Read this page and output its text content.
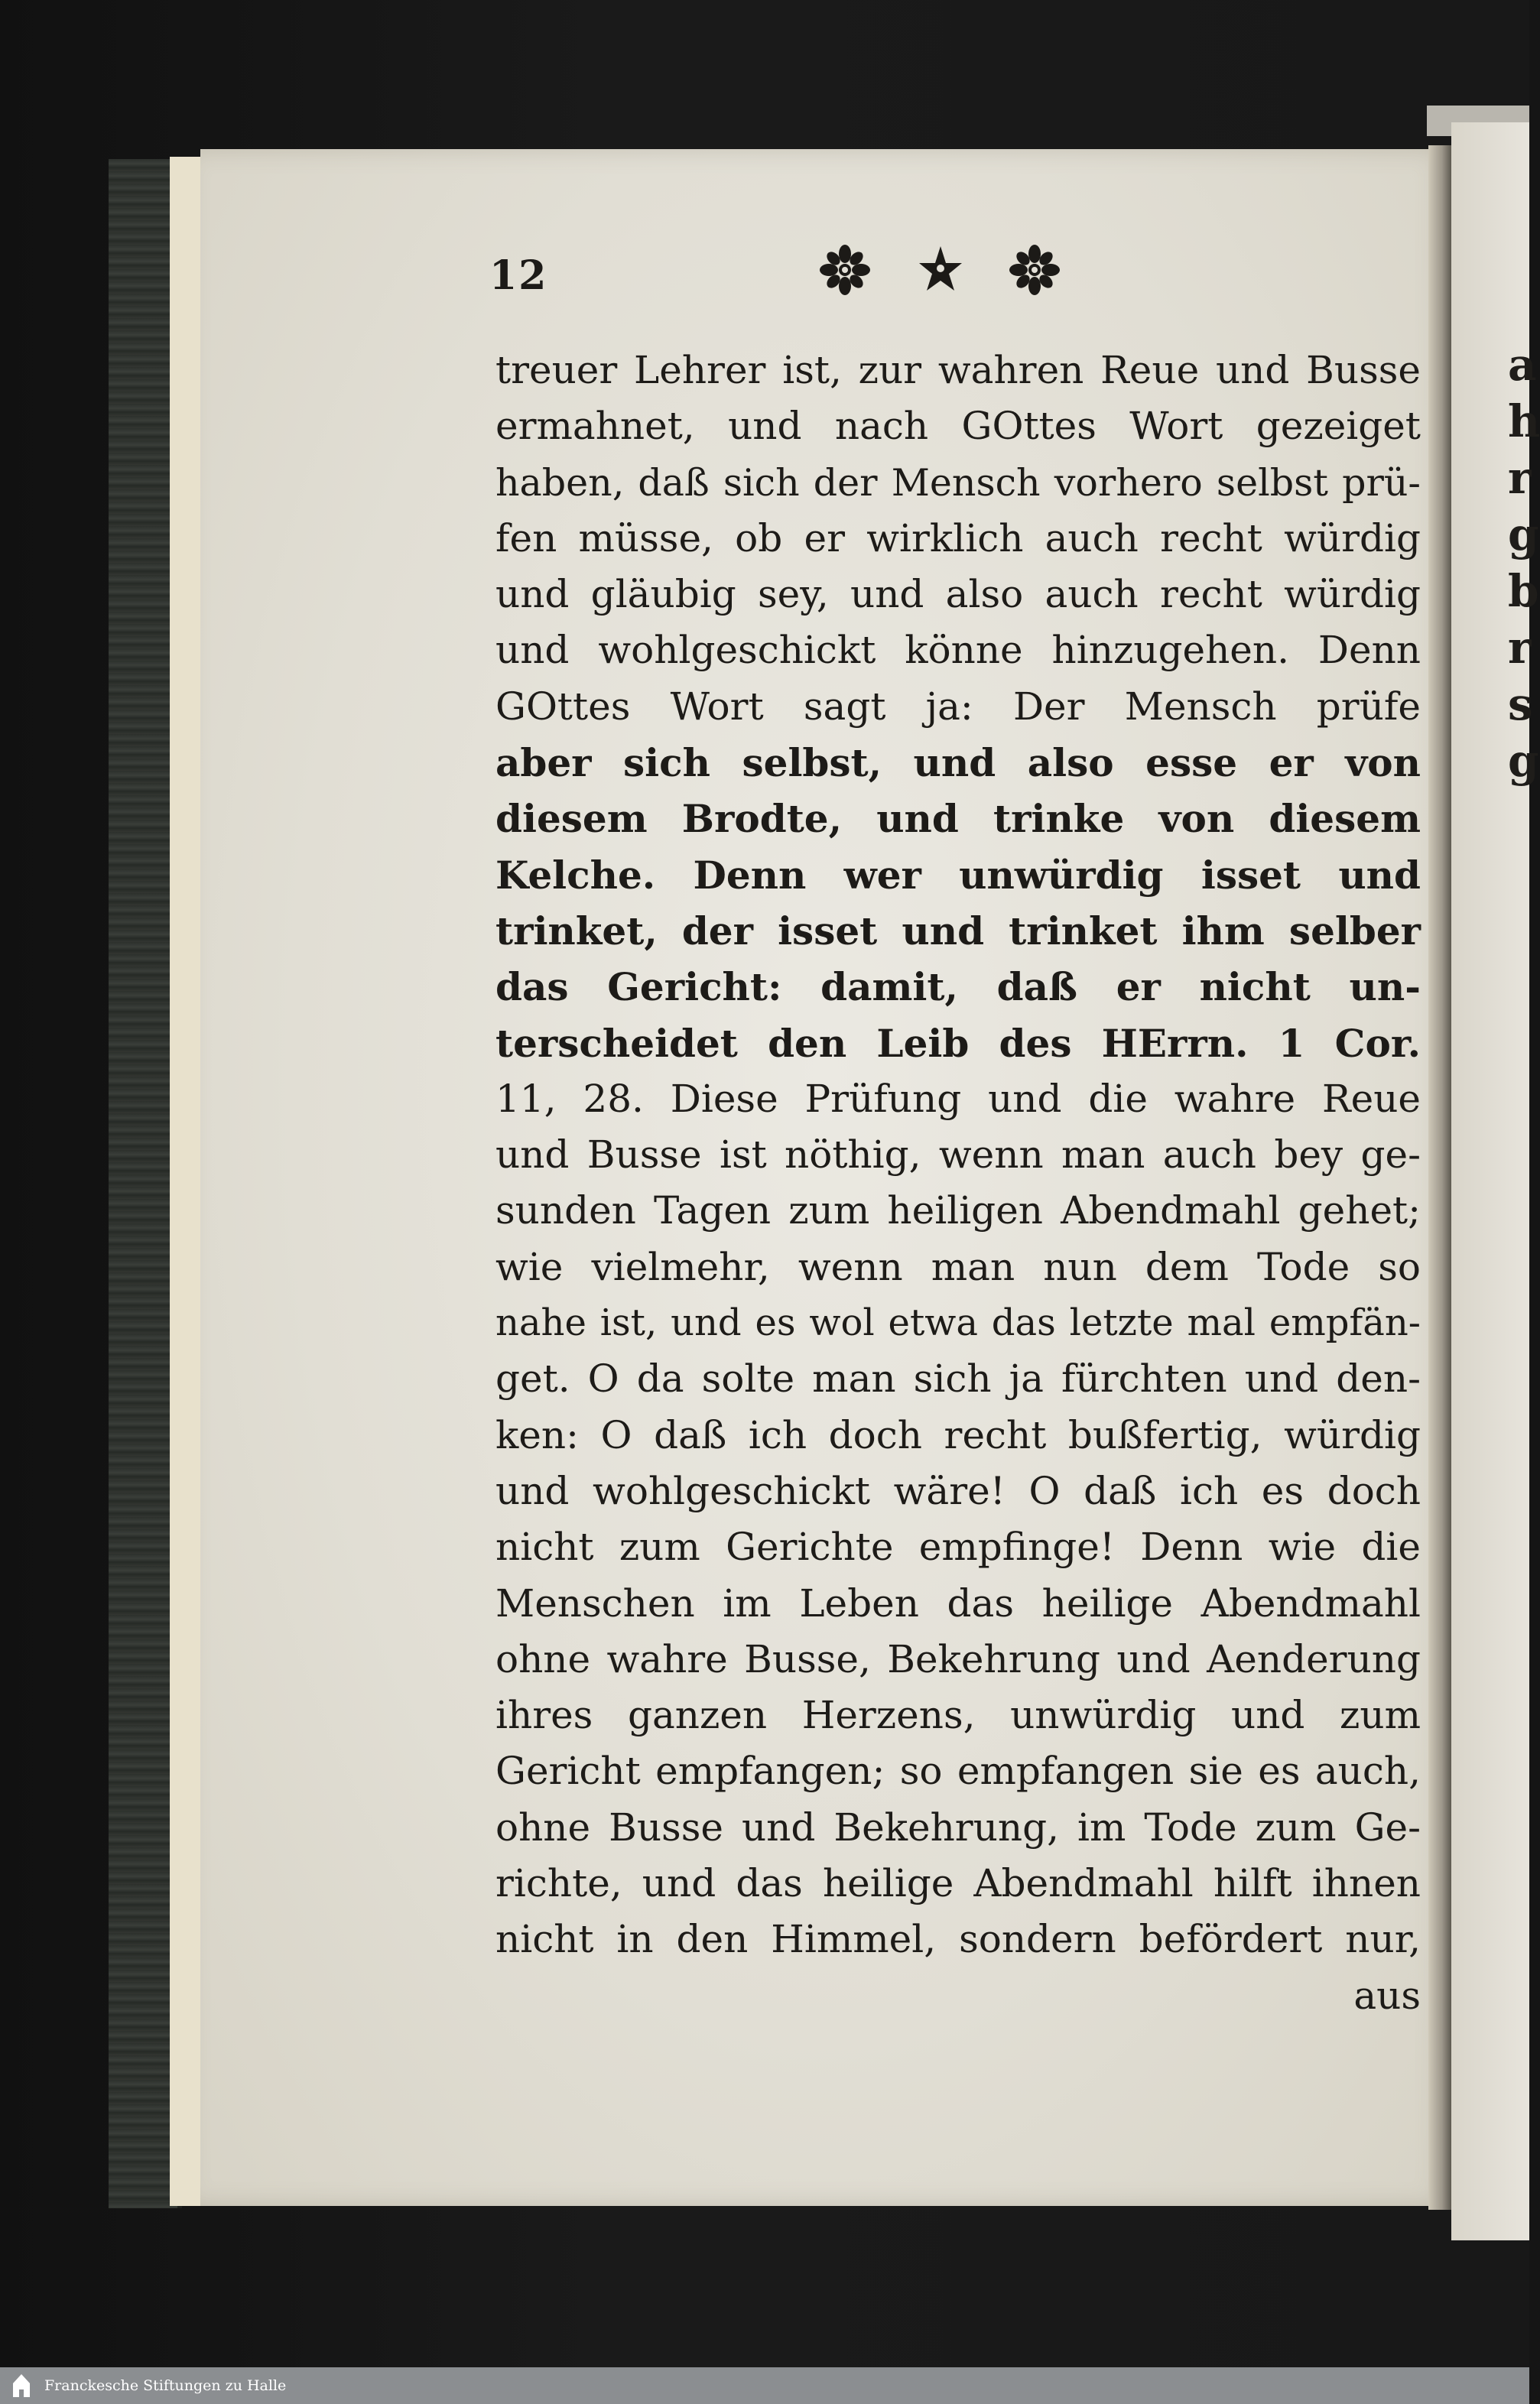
a
h
r
g
b
r
s
g
12
treuer Lehrer ist, zur wahren Reue und Busse
ermahnet, und nach GOttes Wort gezeiget
haben, daß sich der Mensch vorhero selbst prü-
fen müsse, ob er wirklich auch recht würdig
und gläubig sey, und also auch recht würdig
und wohlgeschickt könne hinzugehen. Denn
GOttes Wort sagt ja: Der Mensch prüfe
aber sich selbst, und also esse er von
diesem Brodte, und trinke von diesem
Kelche. Denn wer unwürdig isset und
trinket, der isset und trinket ihm selber
das Gericht: damit, daß er nicht un-
terscheidet den Leib des HErrn. 1 Cor.
11, 28. Diese Prüfung und die wahre Reue
und Busse ist nöthig, wenn man auch bey ge-
sunden Tagen zum heiligen Abendmahl gehet;
wie vielmehr, wenn man nun dem Tode so
nahe ist, und es wol etwa das letzte mal empfän-
get. O da solte man sich ja fürchten und den-
ken: O daß ich doch recht bußfertig, würdig
und wohlgeschickt wäre! O daß ich es doch
nicht zum Gerichte empfinge! Denn wie die
Menschen im Leben das heilige Abendmahl
ohne wahre Busse, Bekehrung und Aenderung
ihres ganzen Herzens, unwürdig und zum
Gericht empfangen; so empfangen sie es auch,
ohne Busse und Bekehrung, im Tode zum Ge-
richte, und das heilige Abendmahl hilft ihnen
nicht in den Himmel, sondern befördert nur,
aus
Franckesche Stiftungen zu Halle
